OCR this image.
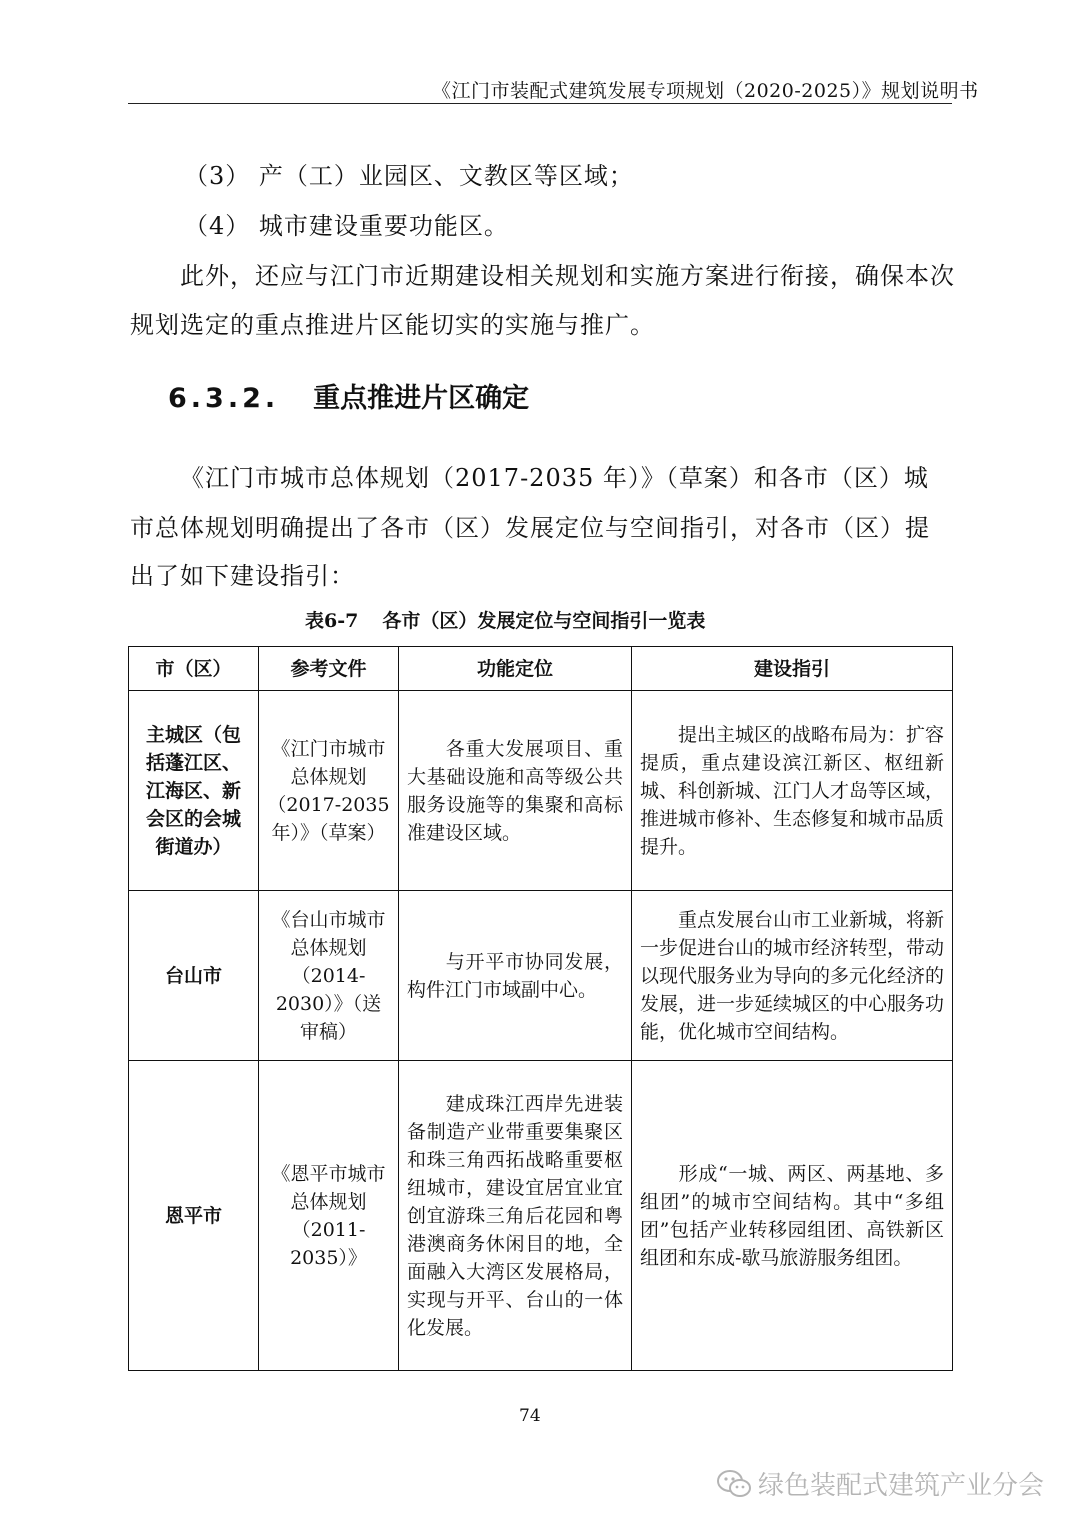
《江门市装配式建筑发展专项规划（2020-2025）》规划说明书
（3） 产（工）业园区、文教区等区域；
（4） 城市建设重要功能区。
此外，还应与江门市近期建设相关规划和实施方案进行衔接，确保本次
规划选定的重点推进片区能切实的实施与推广。
6.3.2. 重点推进片区确定
《江门市城市总体规划（2017-2035 年）》（草案）和各市（区）城
市总体规划明确提出了各市（区）发展定位与空间指引，对各市（区）提
出了如下建设指引：
表6-7 各市（区）发展定位与空间指引一览表
市（区）	参考文件	功能定位	建设指引
主城区（包括蓬江区、江海区、新会区的会城街道办）	《江门市城市总体规划（2017-2035年）》（草案）	各重大发展项目、重大基础设施和高等级公共服务设施等的集聚和高标准建设区域。	提出主城区的战略布局为：扩容提质，重点建设滨江新区、枢纽新城、科创新城、江门人才岛等区域，推进城市修补、生态修复和城市品质提升。
台山市	《台山市城市总体规划（2014-2030）》（送审稿）	与开平市协同发展，构件江门市域副中心。	重点发展台山市工业新城，将新一步促进台山的城市经济转型，带动以现代服务业为导向的多元化经济的发展，进一步延续城区的中心服务功能，优化城市空间结构。
恩平市	《恩平市城市总体规划（2011-2035）》	建成珠江西岸先进装备制造产业带重要集聚区和珠三角西拓战略重要枢纽城市，建设宜居宜业宜创宜游珠三角后花园和粤港澳商务休闲目的地，全面融入大湾区发展格局，实现与开平、台山的一体化发展。	形成“一城、两区、两基地、多组团”的城市空间结构。其中“多组团”包括产业转移园组团、高铁新区组团和东成-歇马旅游服务组团。
74
绿色装配式建筑产业分会
